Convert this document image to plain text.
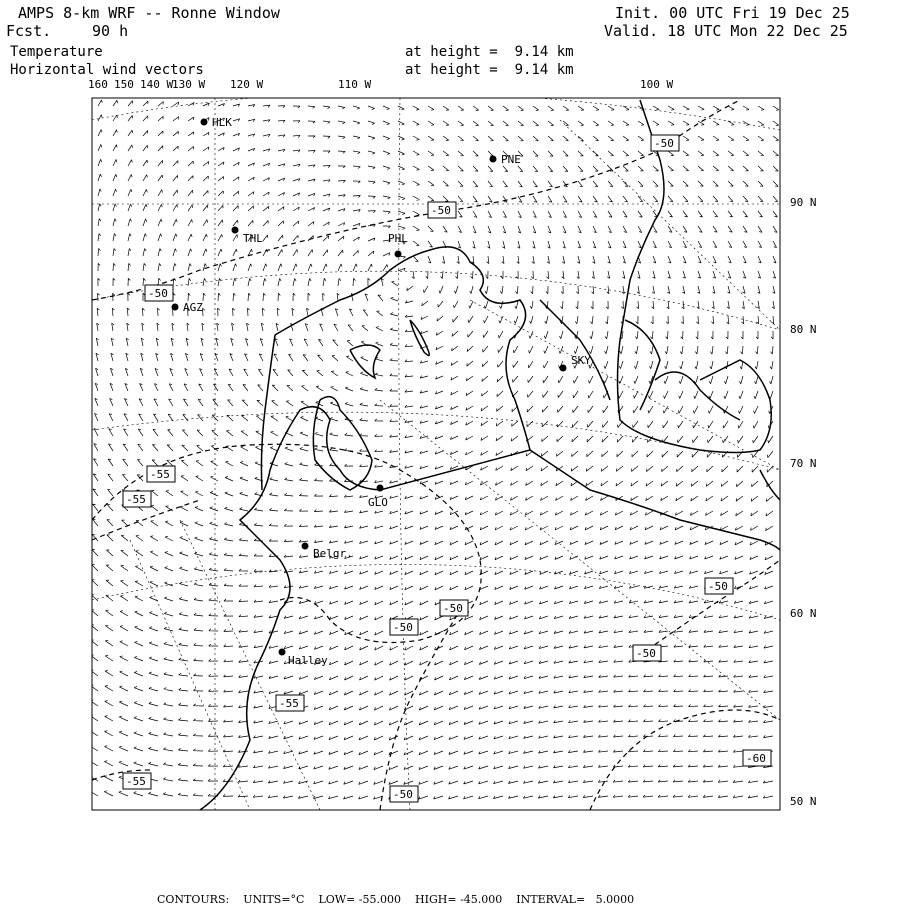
AMPS 8-km WRF -- Ronne Window
Fcst.	90 h
Init. 00 UTC Fri 19 Dec 25
Valid. 18 UTC Mon 22 Dec 25
Temperature
Horizontal wind vectors
at height =  9.14 km
at height =  9.14 km
160 150 140 W
130 W 120 W	110 W	100 W
90 N
80 N
70 N
60 N
50 N
HLK
PNE
THL	PHL
AGZ
SKY
GLO
Belgr.
Halley
-50
-50
-50
-50
-55
-55
-50
-50
-50
-55
-50
-60
-55

CONTOURS: UNITS=°C LOW= -55.000 HIGH= -45.000 INTERVAL=   5.0000
